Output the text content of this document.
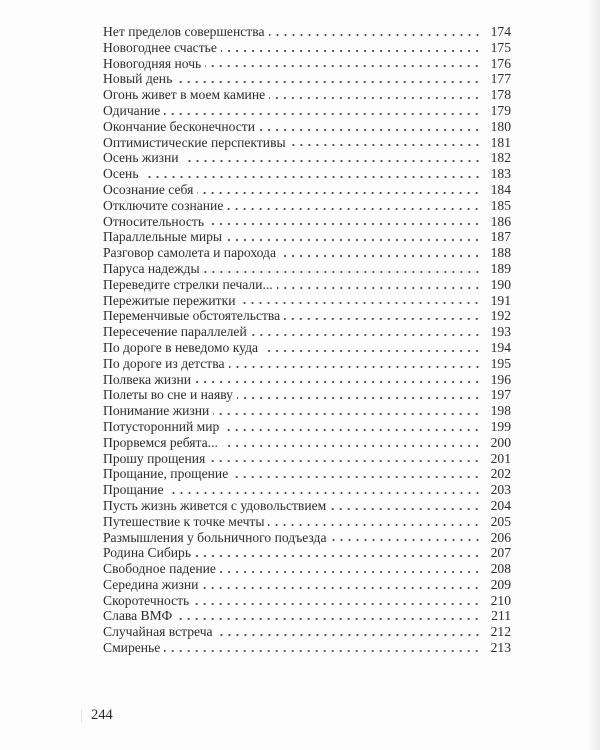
Нет пределов совершенства	174
Новогоднее счастье	175
Новогодняя ночь	176
Новый день	177
Огонь живет в моем камине	178
Одичание	179
Окончание бесконечности	180
Оптимистические перспективы	181
Осень жизни	182
Осень	183
Осознание себя	184
Отключите сознание	185
Относительность	186
Параллельные миры	187
Разговор самолета и парохода	188
Паруса надежды	189
Переведите стрелки печали...	190
Пережитые пережитки	191
Переменчивые обстоятельства	192
Пересечение параллелей	193
По дороге в неведомо куда	194
По дороге из детства	195
Полвека жизни	196
Полеты во сне и наяву	197
Понимание жизни	198
Потусторонний мир	199
Прорвемся ребята...	200
Прошу прощения	201
Прощание, прощение	202
Прощание	203
Пусть жизнь живется с удовольствием	204
Путешествие к точке мечты	205
Размышления у больничного подъезда	206
Родина Сибирь	207
Свободное падение	208
Середина жизни	209
Скоротечность	210
Слава ВМФ	211
Случайная встреча	212
Смиренье	213
244
